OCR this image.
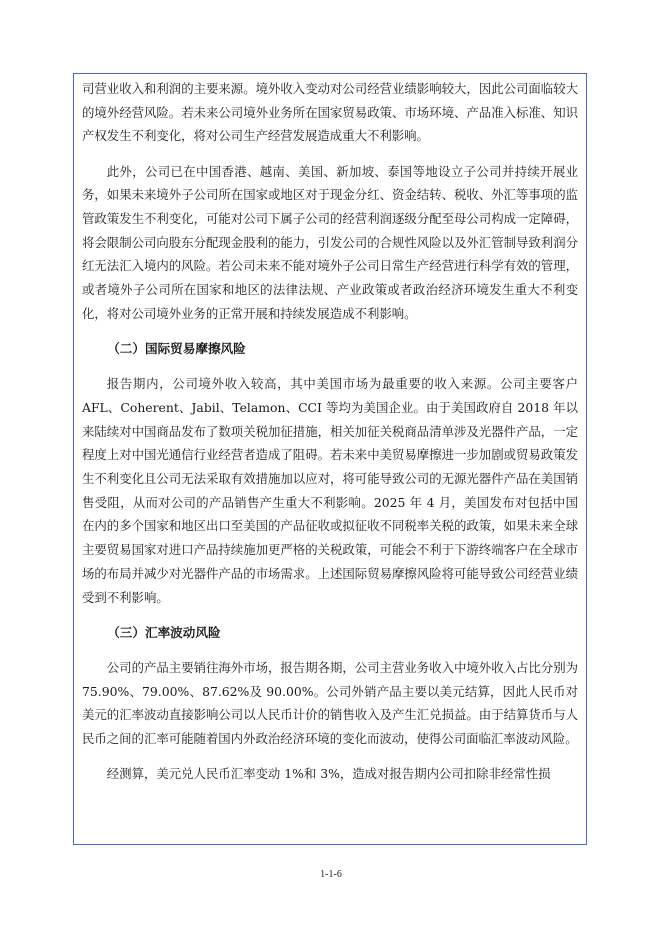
司营业收入和利润的主要来源。境外收入变动对公司经营业绩影响较大，因此公司面临较大的境外经营风险。若未来公司境外业务所在国家贸易政策、市场环境、产品准入标准、知识产权发生不利变化，将对公司生产经营发展造成重大不利影响。

此外，公司已在中国香港、越南、美国、新加坡、泰国等地设立子公司并持续开展业务，如果未来境外子公司所在国家或地区对于现金分红、资金结转、税收、外汇等事项的监管政策发生不利变化，可能对公司下属子公司的经营利润逐级分配至母公司构成一定障碍，将会限制公司向股东分配现金股利的能力，引发公司的合规性风险以及外汇管制导致利润分红无法汇入境内的风险。若公司未来不能对境外子公司日常生产经营进行科学有效的管理，或者境外子公司所在国家和地区的法律法规、产业政策或者政治经济环境发生重大不利变化，将对公司境外业务的正常开展和持续发展造成不利影响。

（二）国际贸易摩擦风险

报告期内，公司境外收入较高，其中美国市场为最重要的收入来源。公司主要客户AFL、Coherent、Jabil、Telamon、CCI 等均为美国企业。由于美国政府自 2018 年以来陆续对中国商品发布了数项关税加征措施，相关加征关税商品清单涉及光器件产品，一定程度上对中国光通信行业经营者造成了阻碍。若未来中美贸易摩擦进一步加剧或贸易政策发生不利变化且公司无法采取有效措施加以应对，将可能导致公司的无源光器件产品在美国销售受阻，从而对公司的产品销售产生重大不利影响。2025 年 4 月，美国发布对包括中国在内的多个国家和地区出口至美国的产品征收或拟征收不同税率关税的政策，如果未来全球主要贸易国家对进口产品持续施加更严格的关税政策，可能会不利于下游终端客户在全球市场的布局并减少对光器件产品的市场需求。上述国际贸易摩擦风险将可能导致公司经营业绩受到不利影响。

（三）汇率波动风险

公司的产品主要销往海外市场，报告期各期，公司主营业务收入中境外收入占比分别为 75.90%、79.00%、87.62%及 90.00%。公司外销产品主要以美元结算，因此人民币对美元的汇率波动直接影响公司以人民币计价的销售收入及产生汇兑损益。由于结算货币与人民币之间的汇率可能随着国内外政治经济环境的变化而波动，使得公司面临汇率波动风险。

经测算，美元兑人民币汇率变动 1%和 3%，造成对报告期内公司扣除非经常性损

1-1-6
